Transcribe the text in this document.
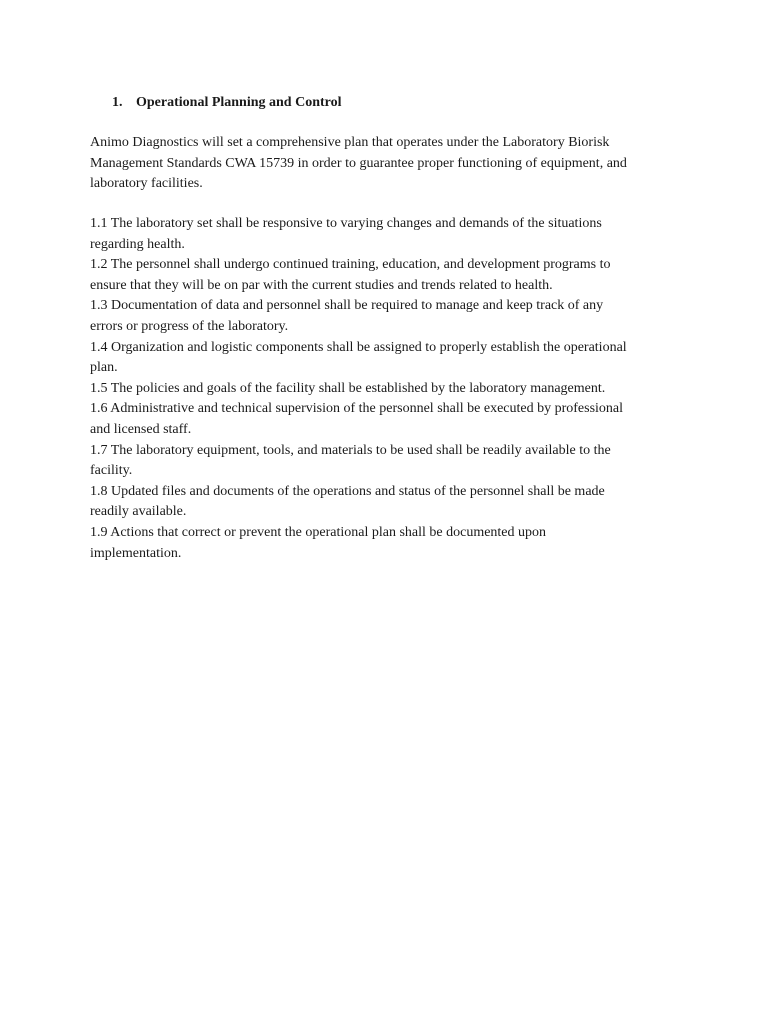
1. Operational Planning and Control
Animo Diagnostics will set a comprehensive plan that operates under the Laboratory Biorisk
Management Standards CWA 15739 in order to guarantee proper functioning of equipment, and
laboratory facilities.
1.1 The laboratory set shall be responsive to varying changes and demands of the situations
regarding health.
1.2 The personnel shall undergo continued training, education, and development programs to
ensure that they will be on par with the current studies and trends related to health.
1.3 Documentation of data and personnel shall be required to manage and keep track of any
errors or progress of the laboratory.
1.4 Organization and logistic components shall be assigned to properly establish the operational
plan.
1.5 The policies and goals of the facility shall be established by the laboratory management.
1.6 Administrative and technical supervision of the personnel shall be executed by professional
and licensed staff.
1.7 The laboratory equipment, tools, and materials to be used shall be readily available to the
facility.
1.8 Updated files and documents of the operations and status of the personnel shall be made
readily available.
1.9 Actions that correct or prevent the operational plan shall be documented upon
implementation.
